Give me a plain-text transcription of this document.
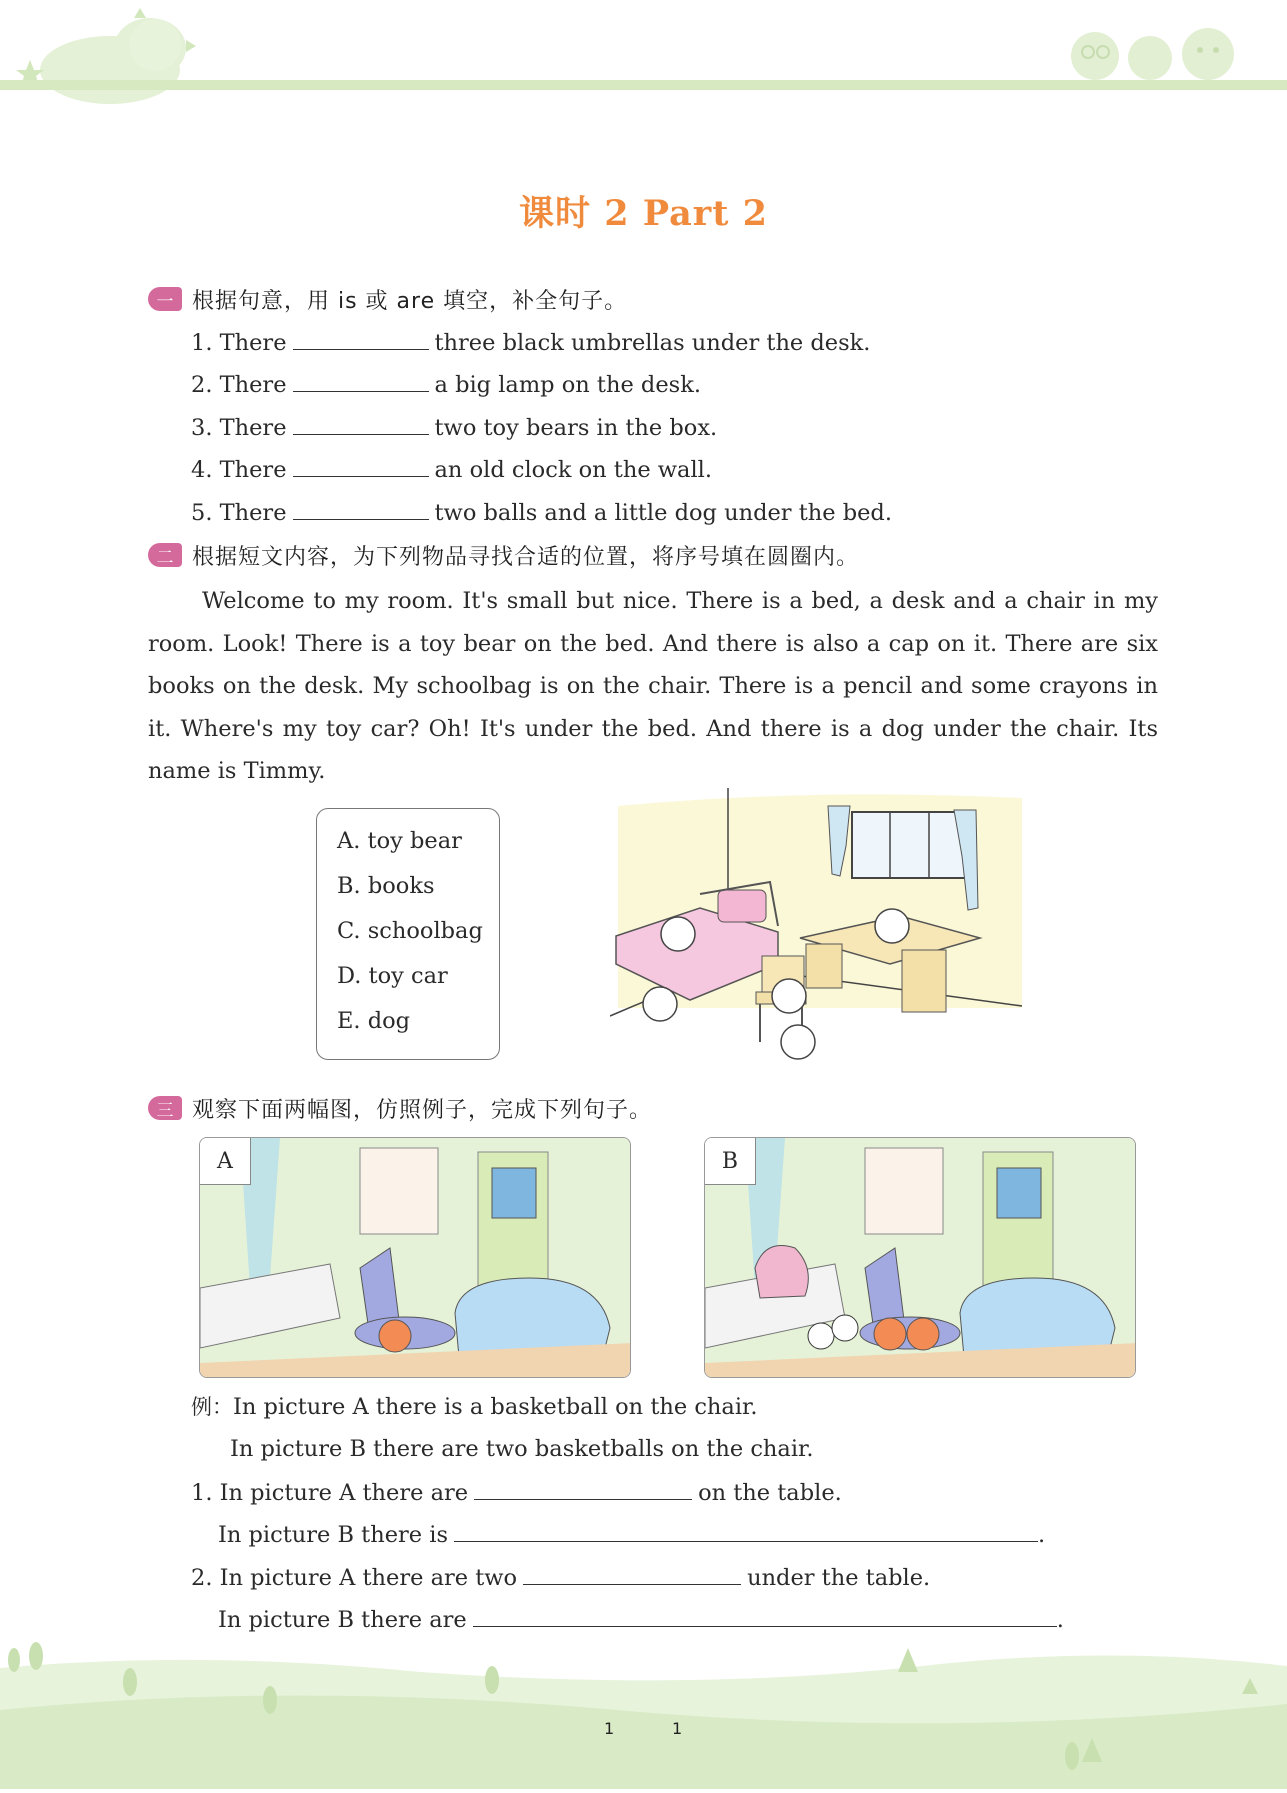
课时 2 Part 2
一 根据句意，用 is 或 are 填空，补全句子。
1. There	three black umbrellas under the desk.
2. There	a big lamp on the desk.
3. There	two toy bears in the box.
4. There	an old clock on the wall.
5. There	two balls and a little dog under the bed.
二 根据短文内容，为下列物品寻找合适的位置，将序号填在圆圈内。
Welcome to my room. It's small but nice. There is a bed, a desk and a chair in my room. Look! There is a toy bear on the bed. And there is also a cap on it. There are six books on the desk. My schoolbag is on the chair. There is a pencil and some crayons in it. Where's my toy car? Oh! It's under the bed. And there is a dog under the chair. Its name is Timmy.
A. toy bear
B. books
C. schoolbag
D. toy car
E. dog
三 观察下面两幅图，仿照例子，完成下列句子。
A	B
例：In picture A there is a basketball on the chair.
In picture B there are two basketballs on the chair.
1. In picture A there are	on the table.
In picture B there is	.
2. In picture A there are two	under the table.
In picture B there are	.
1	1
